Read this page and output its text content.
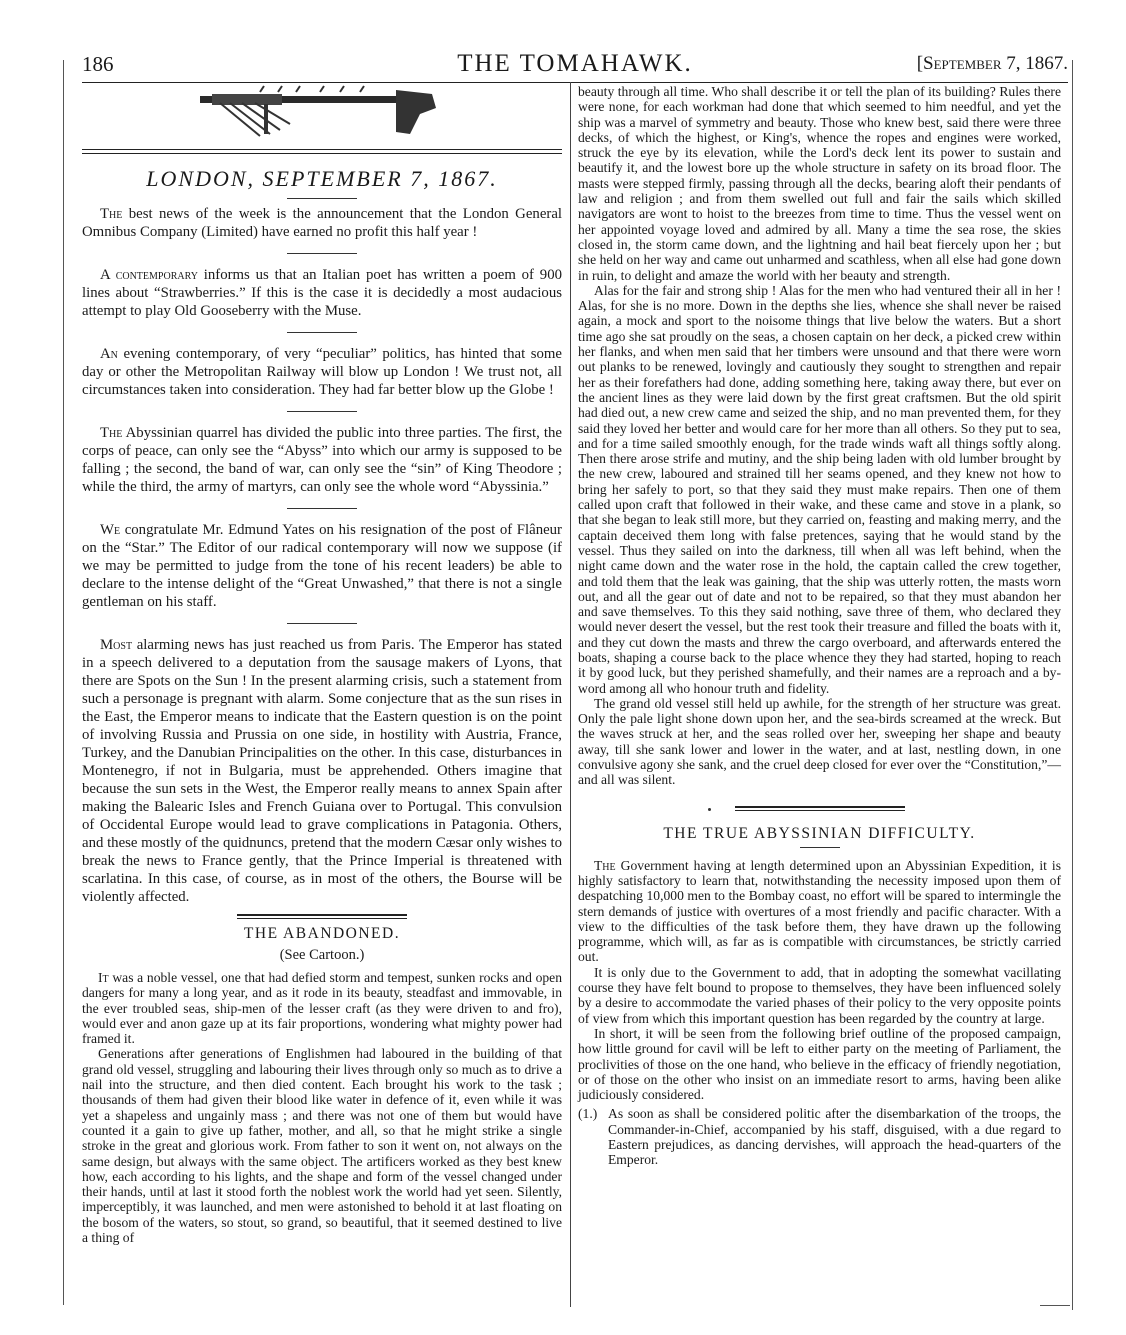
186	THE TOMAHAWK.	[September 7, 1867.
LONDON, SEPTEMBER 7, 1867.

The best news of the week is the announcement that the London General Omnibus Company (Limited) have earned no profit this half year !

A contemporary informs us that an Italian poet has written a poem of 900 lines about “Strawberries.” If this is the case it is decidedly a most audacious attempt to play Old Gooseberry with the Muse.

An evening contemporary, of very “peculiar” politics, has hinted that some day or other the Metropolitan Railway will blow up London ! We trust not, all circumstances taken into consideration. They had far better blow up the Globe !

The Abyssinian quarrel has divided the public into three parties. The first, the corps of peace, can only see the “Abyss” into which our army is supposed to be falling ; the second, the band of war, can only see the “sin” of King Theodore ; while the third, the army of martyrs, can only see the whole word “Abyssinia.”

We congratulate Mr. Edmund Yates on his resignation of the post of Flâneur on the “Star.” The Editor of our radical contemporary will now we suppose (if we may be permitted to judge from the tone of his recent leaders) be able to declare to the intense delight of the “Great Unwashed,” that there is not a single gentleman on his staff.

Most alarming news has just reached us from Paris. The Emperor has stated in a speech delivered to a deputation from the sausage makers of Lyons, that there are Spots on the Sun ! In the present alarming crisis, such a statement from such a personage is pregnant with alarm. Some conjecture that as the sun rises in the East, the Emperor means to indicate that the Eastern question is on the point of involving Russia and Prussia on one side, in hostility with Austria, France, Turkey, and the Danubian Principalities on the other. In this case, disturbances in Montenegro, if not in Bulgaria, must be apprehended. Others imagine that because the sun sets in the West, the Emperor really means to annex Spain after making the Balearic Isles and French Guiana over to Portugal. This convulsion of Occidental Europe would lead to grave complications in Patagonia. Others, and these mostly of the quidnuncs, pretend that the modern Cæsar only wishes to break the news to France gently, that the Prince Imperial is threatened with scarlatina. In this case, of course, as in most of the others, the Bourse will be violently affected.

THE ABANDONED.
(See Cartoon.)

It was a noble vessel, one that had defied storm and tempest, sunken rocks and open dangers for many a long year, and as it rode in its beauty, steadfast and immovable, in the ever troubled seas, ship-men of the lesser craft (as they were driven to and fro), would ever and anon gaze up at its fair proportions, wondering what mighty power had framed it.

Generations after generations of Englishmen had laboured in the building of that grand old vessel, struggling and labouring their lives through only so much as to drive a nail into the structure, and then died content. Each brought his work to the task ; thousands of them had given their blood like water in defence of it, even while it was yet a shapeless and ungainly mass ; and there was not one of them but would have counted it a gain to give up father, mother, and all, so that he might strike a single stroke in the great and glorious work. From father to son it went on, not always on the same design, but always with the same object. The artificers worked as they best knew how, each according to his lights, and the shape and form of the vessel changed under their hands, until at last it stood forth the noblest work the world had yet seen. Silently, imperceptibly, it was launched, and men were astonished to behold it at last floating on the bosom of the waters, so stout, so grand, so beautiful, that it seemed destined to live a thing of

beauty through all time. Who shall describe it or tell the plan of its building? Rules there were none, for each workman had done that which seemed to him needful, and yet the ship was a marvel of symmetry and beauty. Those who knew best, said there were three decks, of which the highest, or King's, whence the ropes and engines were worked, struck the eye by its elevation, while the Lord's deck lent its power to sustain and beautify it, and the lowest bore up the whole structure in safety on its broad floor. The masts were stepped firmly, passing through all the decks, bearing aloft their pendants of law and religion ; and from them swelled out full and fair the sails which skilled navigators are wont to hoist to the breezes from time to time. Thus the vessel went on her appointed voyage loved and admired by all. Many a time the sea rose, the skies closed in, the storm came down, and the lightning and hail beat fiercely upon her ; but she held on her way and came out unharmed and scathless, when all else had gone down in ruin, to delight and amaze the world with her beauty and strength.

Alas for the fair and strong ship ! Alas for the men who had ventured their all in her ! Alas, for she is no more. Down in the depths she lies, whence she shall never be raised again, a mock and sport to the noisome things that live below the waters. But a short time ago she sat proudly on the seas, a chosen captain on her deck, a picked crew within her flanks, and when men said that her timbers were unsound and that there were worn out planks to be renewed, lovingly and cautiously they sought to strengthen and repair her as their forefathers had done, adding something here, taking away there, but ever on the ancient lines as they were laid down by the first great craftsmen. But the old spirit had died out, a new crew came and seized the ship, and no man prevented them, for they said they loved her better and would care for her more than all others. So they put to sea, and for a time sailed smoothly enough, for the trade winds waft all things softly along. Then there arose strife and mutiny, and the ship being laden with old lumber brought by the new crew, laboured and strained till her seams opened, and they knew not how to bring her safely to port, so that they said they must make repairs. Then one of them called upon craft that followed in their wake, and these came and stove in a plank, so that she began to leak still more, but they carried on, feasting and making merry, and the captain deceived them long with false pretences, saying that he would stand by the vessel. Thus they sailed on into the darkness, till when all was left behind, when the night came down and the water rose in the hold, the captain called the crew together, and told them that the leak was gaining, that the ship was utterly rotten, the masts worn out, and all the gear out of date and not to be repaired, so that they must abandon her and save themselves. To this they said nothing, save three of them, who declared they would never desert the vessel, but the rest took their treasure and filled the boats with it, and they cut down the masts and threw the cargo overboard, and afterwards entered the boats, shaping a course back to the place whence they they had started, hoping to reach it by good luck, but they perished shamefully, and their names are a reproach and a by-word among all who honour truth and fidelity.

The grand old vessel still held up awhile, for the strength of her structure was great. Only the pale light shone down upon her, and the sea-birds screamed at the wreck. But the waves struck at her, and the seas rolled over her, sweeping her shape and beauty away, till she sank lower and lower in the water, and at last, nestling down, in one convulsive agony she sank, and the cruel deep closed for ever over the “Constitution,”—and all was silent.

THE TRUE ABYSSINIAN DIFFICULTY.

The Government having at length determined upon an Abyssinian Expedition, it is highly satisfactory to learn that, notwithstanding the necessity imposed upon them of despatching 10,000 men to the Bombay coast, no effort will be spared to intermingle the stern demands of justice with overtures of a most friendly and pacific character. With a view to the difficulties of the task before them, they have drawn up the following programme, which will, as far as is compatible with circumstances, be strictly carried out.

It is only due to the Government to add, that in adopting the somewhat vacillating course they have felt bound to propose to themselves, they have been influenced solely by a desire to accommodate the varied phases of their policy to the very opposite points of view from which this important question has been regarded by the country at large.

In short, it will be seen from the following brief outline of the proposed campaign, how little ground for cavil will be left to either party on the meeting of Parliament, the proclivities of those on the one hand, who believe in the efficacy of friendly negotiation, or of those on the other who insist on an immediate resort to arms, having been alike judiciously considered.

(1.) As soon as shall be considered politic after the disembarkation of the troops, the Commander-in-Chief, accompanied by his staff, disguised, with a due regard to Eastern prejudices, as dancing dervishes, will approach the head-quarters of the Emperor.
